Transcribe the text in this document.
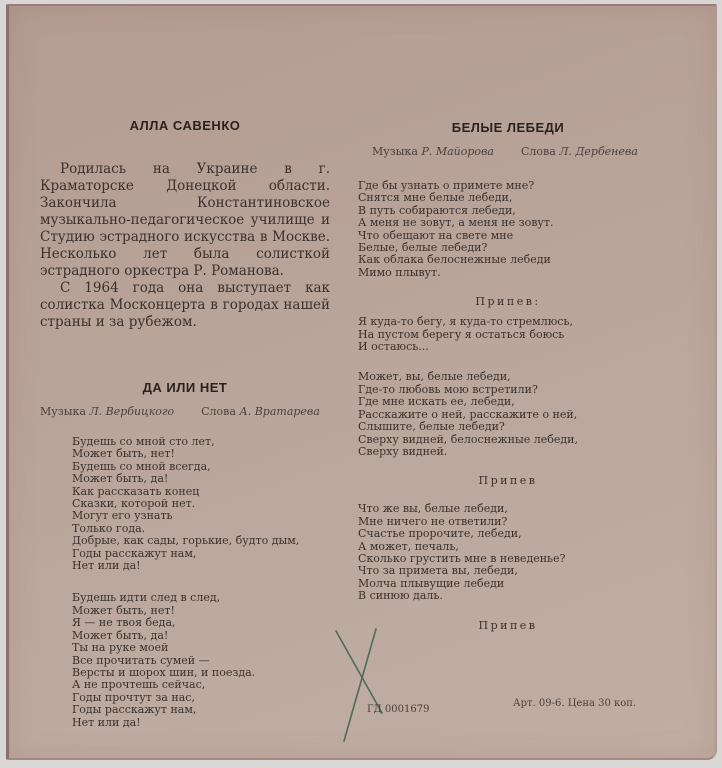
АЛЛА САВЕНКО

Родилась на Украине в г. Краматорске Донецкой области. Закончила Константиновское музыкально-педагогическое училище и Студию эстрадного искусства в Москве. Несколько лет была солисткой эстрадного оркестра Р. Романова.

С 1964 года она выступает как солистка Москонцерта в городах нашей страны и за рубежом.

ДА ИЛИ НЕТ
Музыка Л. Вербицкого Слова А. Вратарева
Будешь со мной сто лет,
Может быть, нет!
Будешь со мной всегда,
Может быть, да!
Как рассказать конец
Сказки, которой нет.
Могут его узнать
Только года.
Добрые, как сады, горькие, будто дым,
Годы расскажут нам,
Нет или да!
Будешь идти след в след,
Может быть, нет!
Я — не твоя беда,
Может быть, да!
Ты на руке моей
Все прочитать сумей —
Версты и шорох шин, и поезда.
А не прочтешь сейчас,
Годы прочтут за нас,
Годы расскажут нам,
Нет или да!
БЕЛЫЕ ЛЕБЕДИ
Музыка Р. Майорова Слова Л. Дербенева
Где бы узнать о примете мне?
Снятся мне белые лебеди,
В путь собираются лебеди,
А меня не зовут, а меня не зовут.
Что обещают на свете мне
Белые, белые лебеди?
Как облака белоснежные лебеди
Мимо плывут.
Припев:
Я куда-то бегу, я куда-то стремлюсь,
На пустом берегу я остаться боюсь
И остаюсь...
Может, вы, белые лебеди,
Где-то любовь мою встретили?
Где мне искать ее, лебеди,
Расскажите о ней, расскажите о ней,
Слышите, белые лебеди?
Сверху видней, белоснежные лебеди,
Сверху видней.
Припев
Что же вы, белые лебеди,
Мне ничего не ответили?
Счастье пророчите, лебеди,
А может, печаль,
Сколько грустить мне в неведенье?
Что за примета вы, лебеди,
Молча плывущие лебеди
В синюю даль.
Припев
ГД 0001679
Арт. 09-6. Цена 30 коп.
